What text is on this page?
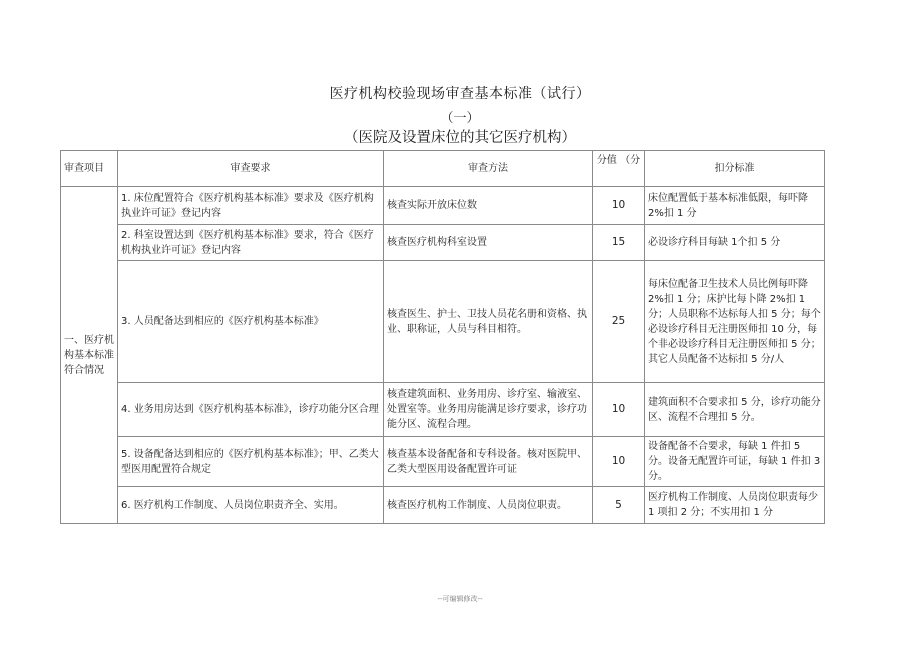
医疗机构校验现场审查基本标准（试行）
（一）
（医院及设置床位的其它医疗机构）
审查项目	审查要求	审查方法	分值 （分	扣分标准
一、医疗机构基本标准符合情况	1. 床位配置符合《医疗机构基本标准》要求及《医疗机构执业许可证》登记内容	核查实际开放床位数	10	床位配置低于基本标准低限，每吓降 2%扣 1 分
	2. 科室设置达到《医疗机构基本标准》要求，符合《医疗机构执业许可证》登记内容	核查医疗机构科室设置	15	必设诊疗科目每缺 1个扣 5 分
	3. 人员配备达到相应的《医疗机构基本标准》	核查医生、护士、卫技人员花名册和资格、执业、职称证，人员与科目相符。	25	每床位配备卫生技术人员比例每吓降 2%扣 1 分；床护比每卜降 2%扣 1 分；人员职称不达标每人扣 5 分；每个必设诊疗科目无注册医师扣 10 分，每个非必设诊疗科目无注册医师扣 5 分；其它人员配备不达标扣 5 分/人
	4. 业务用房达到《医疗机构基本标准》，诊疗功能分区合理	核查建筑面积、业务用房、诊疗室、输液室、处置室等。业务用房能满足诊疗要求，诊疗功能分区、流程合理。	10	建筑面积不合要求扣 5 分，诊疗功能分区、流程不合理扣 5 分。
	5. 设备配备达到相应的《医疗机构基本标准》；甲、乙类大型医用配置符合规定	核查基本设备配备和专科设备。核对医院甲、乙类大型医用设备配置许可证	10	设备配备不合要求，每缺 1 件扣 5 分。设备无配置许可证，每缺 1 件扣 3 分。
	6. 医疗机构工作制度、人员岗位职责齐全、实用。	核查医疗机构工作制度、人员岗位职责。	5	医疗机构工作制度、人员岗位职责每少 1 项扣 2 分；不实用扣 1 分
--可编辑修改--
